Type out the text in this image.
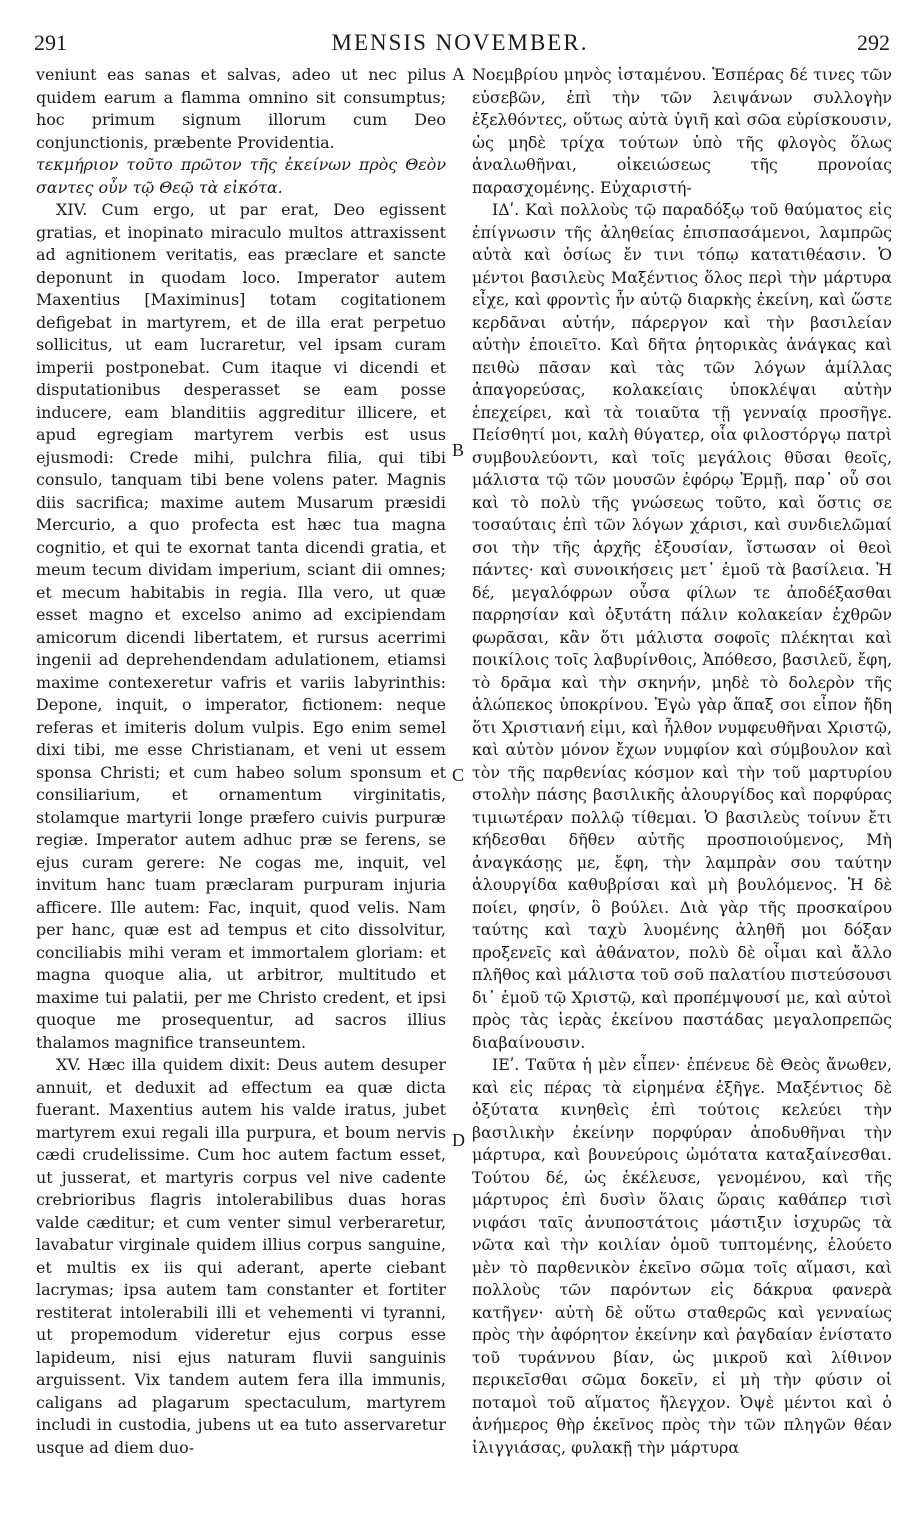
291	MENSIS NOVEMBER.	292

veniunt eas sanas et salvas, adeo ut nec pilus quidem earum a flamma omnino sit consumptus; hoc primum signum illorum cum Deo conjunctionis, præbente Providentia.

τεκμήριον τοῦτο πρῶτον τῆς ἐκείνων πρὸς Θεὸν σαντες οὖν τῷ Θεῷ τὰ εἰκότα.

XIV. Cum ergo, ut par erat, Deo egissent gratias, et inopinato miraculo multos attraxissent ad agnitionem veritatis, eas præclare et sancte deponunt in quodam loco. Imperator autem Maxentius [Maximinus] totam cogitationem defigebat in martyrem, et de illa erat perpetuo sollicitus, ut eam lucraretur, vel ipsam curam imperii postponebat. Cum itaque vi dicendi et disputationibus desperasset se eam posse inducere, eam blanditiis aggreditur illicere, et apud egregiam martyrem verbis est usus ejusmodi: Crede mihi, pulchra filia, qui tibi consulo, tanquam tibi bene volens pater. Magnis diis sacrifica; maxime autem Musarum præsidi Mercurio, a quo profecta est hæc tua magna cognitio, et qui te exornat tanta dicendi gratia, et meum tecum dividam imperium, sciant dii omnes; et mecum habitabis in regia. Illa vero, ut quæ esset magno et excelso animo ad excipiendam amicorum dicendi libertatem, et rursus acerrimi ingenii ad deprehendendam adulationem, etiamsi maxime contexeretur vafris et variis labyrinthis: Depone, inquit, o imperator, fictionem: neque referas et imiteris dolum vulpis. Ego enim semel dixi tibi, me esse Christianam, et veni ut essem sponsa Christi; et cum habeo solum sponsum et consiliarium, et ornamentum virginitatis, stolamque martyrii longe præfero cuivis purpuræ regiæ. Imperator autem adhuc præ se ferens, se ejus curam gerere: Ne cogas me, inquit, vel invitum hanc tuam præclaram purpuram injuria afficere. Ille autem: Fac, inquit, quod velis. Nam per hanc, quæ est ad tempus et cito dissolvitur, conciliabis mihi veram et immortalem gloriam: et magna quoque alia, ut arbitror, multitudo et maxime tui palatii, per me Christo credent, et ipsi quoque me prosequentur, ad sacros illius thalamos magnifice transeuntem.

XV. Hæc illa quidem dixit: Deus autem desuper annuit, et deduxit ad effectum ea quæ dicta fuerant. Maxentius autem his valde iratus, jubet martyrem exui regali illa purpura, et boum nervis cædi crudelissime. Cum hoc autem factum esset, ut jusserat, et martyris corpus vel nive cadente crebrioribus flagris intolerabilibus duas horas valde cæditur; et cum venter simul verberaretur, lavabatur virginale quidem illius corpus sanguine, et multis ex iis qui aderant, aperte ciebant lacrymas; ipsa autem tam constanter et fortiter restiterat intolerabili illi et vehementi vi tyranni, ut propemodum videretur ejus corpus esse lapideum, nisi ejus naturam fluvii sanguinis arguissent. Vix tandem autem fera illa immunis, caligans ad plagarum spectaculum, martyrem includi in custodia, jubens ut ea tuto asservaretur usque ad diem duo-

Νοεμβρίου μηνὸς ἱσταμένου. Ἑσπέρας δέ τινες τῶν εὐσεβῶν, ἐπὶ τὴν τῶν λειψάνων συλλογὴν ἐξελθόντες, οὕτως αὐτὰ ὑγιῆ καὶ σῶα εὑρίσκουσιν, ὡς μηδὲ τρίχα τούτων ὑπὸ τῆς φλογὸς ὅλως ἀναλωθῆναι, οἰκειώσεως τῆς προνοίας παρασχομένης. Εὐχαριστή-

ΙΔʹ. Καὶ πολλοὺς τῷ παραδόξῳ τοῦ θαύματος εἰς ἐπίγνωσιν τῆς ἀληθείας ἐπισπασάμενοι, λαμπρῶς αὐτὰ καὶ ὁσίως ἔν τινι τόπῳ κατατιθέασιν. Ὁ μέντοι βασιλεὺς Μαξέντιος ὅλος περὶ τὴν μάρτυρα εἶχε, καὶ φροντὶς ἦν αὐτῷ διαρκὴς ἐκείνη, καὶ ὥστε κερδᾶναι αὐτήν, πάρεργον καὶ τὴν βασιλείαν αὐτὴν ἐποιεῖτο. Καὶ δῆτα ῥητορικὰς ἀνάγκας καὶ πειθὼ πᾶσαν καὶ τὰς τῶν λόγων ἁμίλλας ἀπαγορεύσας, κολακείαις ὑποκλέψαι αὐτὴν ἐπεχείρει, καὶ τὰ τοιαῦτα τῇ γενναίᾳ προσῆγε. Πείσθητί μοι, καλὴ θύγατερ, οἷα φιλοστόργῳ πατρὶ συμβουλεύοντι, καὶ τοῖς μεγάλοις θῦσαι θεοῖς, μάλιστα τῷ τῶν μουσῶν ἐφόρῳ Ἑρμῇ, παρ᾽ οὗ σοι καὶ τὸ πολὺ τῆς γνώσεως τοῦτο, καὶ ὅστις σε τοσαύταις ἐπὶ τῶν λόγων χάρισι, καὶ συνδιελῶμαί σοι τὴν τῆς ἀρχῆς ἐξουσίαν, ἴστωσαν οἱ θεοὶ πάντες· καὶ συνοικήσεις μετ᾽ ἐμοῦ τὰ βασίλεια. Ἡ δέ, μεγαλόφρων οὖσα φίλων τε ἀποδέξασθαι παρρησίαν καὶ ὀξυτάτη πάλιν κολακείαν ἐχθρῶν φωρᾶσαι, κἂν ὅτι μάλιστα σοφοῖς πλέκηται καὶ ποικίλοις τοῖς λαβυρίνθοις, Ἀπόθεσο, βασιλεῦ, ἔφη, τὸ δρᾶμα καὶ τὴν σκηνήν, μηδὲ τὸ δολερὸν τῆς ἀλώπεκος ὑποκρίνου. Ἐγὼ γὰρ ἅπαξ σοι εἶπον ἤδη ὅτι Χριστιανή εἰμι, καὶ ἦλθον νυμφευθῆναι Χριστῷ, καὶ αὐτὸν μόνον ἔχων νυμφίον καὶ σύμβουλον καὶ τὸν τῆς παρθενίας κόσμον καὶ τὴν τοῦ μαρτυρίου στολὴν πάσης βασιλικῆς ἁλουργίδος καὶ πορφύρας τιμιωτέραν πολλῷ τίθεμαι. Ὁ βασιλεὺς τοίνυν ἔτι κήδεσθαι δῆθεν αὐτῆς προσποιούμενος, Μὴ ἀναγκάσῃς με, ἔφη, τὴν λαμπρὰν σου ταύτην ἁλουργίδα καθυβρίσαι καὶ μὴ βουλόμενος. Ἡ δὲ ποίει, φησίν, ὃ βούλει. Διὰ γὰρ τῆς προσκαίρου ταύτης καὶ ταχὺ λυομένης ἀληθῆ μοι δόξαν προξενεῖς καὶ ἀθάνατον, πολὺ δὲ οἶμαι καὶ ἄλλο πλῆθος καὶ μάλιστα τοῦ σοῦ παλατίου πιστεύσουσι δι᾽ ἐμοῦ τῷ Χριστῷ, καὶ προπέμψουσί με, καὶ αὐτοὶ πρὸς τὰς ἱερὰς ἐκείνου παστάδας μεγαλοπρεπῶς διαβαίνουσιν.

ΙΕʹ. Ταῦτα ἡ μὲν εἶπεν· ἐπένευε δὲ Θεὸς ἄνωθεν, καὶ εἰς πέρας τὰ εἰρημένα ἐξῆγε. Μαξέντιος δὲ ὀξύτατα κινηθεὶς ἐπὶ τούτοις κελεύει τὴν βασιλικὴν ἐκείνην πορφύραν ἀποδυθῆναι τὴν μάρτυρα, καὶ βουνεύροις ὠμότατα καταξαίνεσθαι. Τούτου δέ, ὡς ἐκέλευσε, γενομένου, καὶ τῆς μάρτυρος ἐπὶ δυσὶν ὅλαις ὥραις καθάπερ τισὶ νιφάσι ταῖς ἀνυποστάτοις μάστιξιν ἰσχυρῶς τὰ νῶτα καὶ τὴν κοιλίαν ὁμοῦ τυπτομένης, ἐλούετο μὲν τὸ παρθενικὸν ἐκεῖνο σῶμα τοῖς αἵμασι, καὶ πολλοὺς τῶν παρόντων εἰς δάκρυα φανερὰ κατῆγεν· αὐτὴ δὲ οὕτω σταθερῶς καὶ γενναίως πρὸς τὴν ἀφόρητον ἐκείνην καὶ ῥαγδαίαν ἐνίστατο τοῦ τυράννου βίαν, ὡς μικροῦ καὶ λίθινον περικεῖσθαι σῶμα δοκεῖν, εἰ μὴ τὴν φύσιν οἱ ποταμοὶ τοῦ αἵματος ἤλεγχον. Ὀψὲ μέντοι καὶ ὁ ἀνήμερος θὴρ ἐκεῖνος πρὸς τὴν τῶν πληγῶν θέαν ἰλιγγιάσας, φυλακῇ τὴν μάρτυρα

A
B
C
D
